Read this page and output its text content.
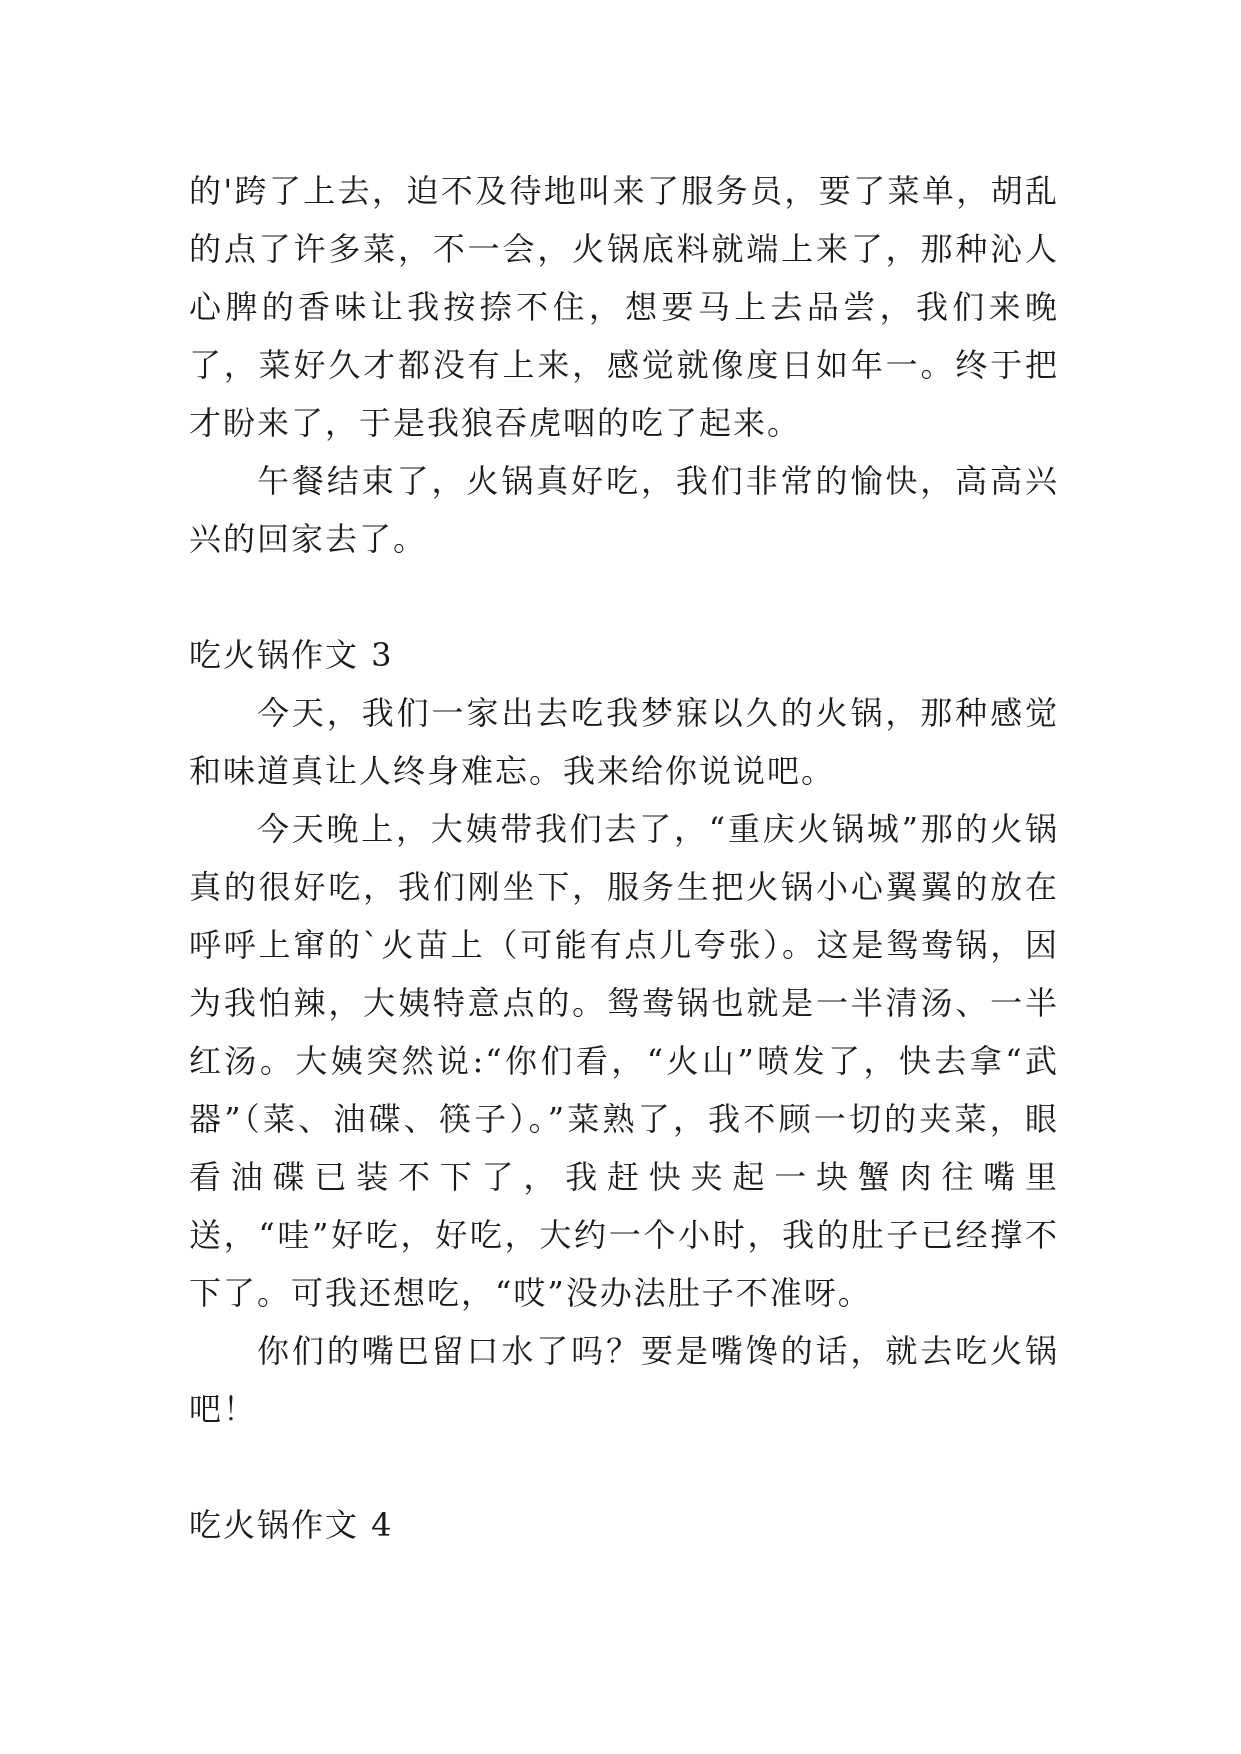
的'跨了上去，迫不及待地叫来了服务员，要了菜单，胡乱的点了许多菜，不一会，火锅底料就端上来了，那种沁人心脾的香味让我按捺不住，想要马上去品尝，我们来晚了，菜好久才都没有上来，感觉就像度日如年一。终于把才盼来了，于是我狼吞虎咽的吃了起来。

午餐结束了，火锅真好吃，我们非常的愉快，高高兴兴的回家去了。

吃火锅作文 3

今天，我们一家出去吃我梦寐以久的火锅，那种感觉和味道真让人终身难忘。我来给你说说吧。

今天晚上，大姨带我们去了，“重庆火锅城”那的火锅真的很好吃，我们刚坐下，服务生把火锅小心翼翼的放在呼呼上窜的`火苗上（可能有点儿夸张）。这是鸳鸯锅，因为我怕辣，大姨特意点的。鸳鸯锅也就是一半清汤、一半红汤。大姨突然说:“你们看，“火山”喷发了，快去拿“武器”（菜、油碟、筷子）。”菜熟了，我不顾一切的夹菜，眼看油碟已装不下了，我赶快夹起一块蟹肉往嘴里送，“哇”好吃，好吃，大约一个小时，我的肚子已经撑不下了。可我还想吃，“哎”没办法肚子不准呀。

你们的嘴巴留口水了吗？要是嘴馋的话，就去吃火锅吧！

吃火锅作文 4
